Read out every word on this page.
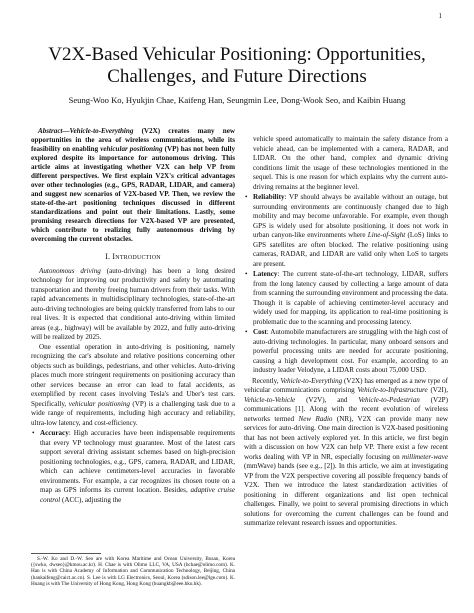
1
V2X-Based Vehicular Positioning: Opportunities, Challenges, and Future Directions
Seung-Woo Ko, Hyukjin Chae, Kaifeng Han, Seungmin Lee, Dong-Wook Seo, and Kaibin Huang

Abstract—Vehicle-to-Everything (V2X) creates many new opportunities in the area of wireless communications, while its feasibility on enabling vehicular positioning (VP) has not been fully explored despite its importance for autonomous driving. This article aims at investigating whether V2X can help VP from different perspectives. We first explain V2X's critical advantages over other technologies (e.g., GPS, RADAR, LIDAR, and camera) and suggest new scenarios of V2X-based VP. Then, we review the state-of-the-art positioning techniques discussed in different standardizations and point out their limitations. Lastly, some promising research directions for V2X-based VP are presented, which contribute to realizing fully autonomous driving by overcoming the current obstacles.

I. Introduction

Autonomous driving (auto-driving) has been a long desired technology for improving our productivity and safety by automating transportation and thereby freeing human drivers from their tasks. With rapid advancements in multidisciplinary technologies, state-of-the-art auto-driving technologies are being quickly transferred from labs to our real lives. It is expected that conditional auto-driving within limited areas (e.g., highway) will be available by 2022, and fully auto-driving will be realized by 2025.

One essential operation in auto-driving is positioning, namely recognizing the car's absolute and relative positions concerning other objects such as buildings, pedestrians, and other vehicles. Auto-driving places much more stringent requirements on positioning accuracy than other services because an error can lead to fatal accidents, as exemplified by recent cases involving Tesla's and Uber's test cars. Specifically, vehicular positioning (VP) is a challenging task due to a wide range of requirements, including high accuracy and reliability, ultra-low latency, and cost-efficiency.

• Accuracy: High accuracies have been indispensable requirements that every VP technology must guarantee. Most of the latest cars support several driving assistant schemes based on high-precision positioning technologies, e.g., GPS, camera, RADAR, and LIDAR, which can achieve centimeters-level accuracies in favorable environments. For example, a car recognizes its chosen route on a map as GPS informs its current location. Besides, adaptive cruise control (ACC), adjusting the
S.-W. Ko and D.-W. Seo are with Korea Maritime and Ocean University, Busan, Korea ({swko, dwseo}@kmou.ac.kr). H. Chae is with Olimo LLC, VA, USA (hchae@olimo.com). K. Han is with China Academy of Information and Communication Technology, Beijing, China (hankaifeng@caict.ac.cn). S. Lee is with LG Electronics, Seoul, Korea (sdison.lee@lge.com). K. Huang is with The University of Hong Kong, Hong Kong (huangkb@eee.hku.hk).

vehicle speed automatically to maintain the safety distance from a vehicle ahead, can be implemented with a camera, RADAR, and LIDAR. On the other hand, complex and dynamic driving conditions limit the usage of these technologies mentioned in the sequel. This is one reason for which explains why the current auto-driving remains at the beginner level.

• Reliability: VP should always be available without an outage, but surrounding environments are continuously changed due to high mobility and may become unfavorable. For example, even though GPS is widely used for absolute positioning, it does not work in urban canyon-like environments where Line-of-Sight (LoS) links to GPS satellites are often blocked. The relative positioning using cameras, RADAR, and LIDAR are valid only when LoS to targets are present.
• Latency: The current state-of-the-art technology, LIDAR, suffers from the long latency caused by collecting a large amount of data from scanning the surrounding environment and processing the data. Though it is capable of achieving centimeter-level accuracy and widely used for mapping, its application to real-time positioning is problematic due to the scanning and processing latency.
• Cost: Automobile manufacturers are struggling with the high cost of auto-driving technologies. In particular, many onboard sensors and powerful processing units are needed for accurate positioning, causing a high development cost. For example, according to an industry leader Velodyne, a LIDAR costs about 75,000 USD.

Recently, Vehicle-to-Everything (V2X) has emerged as a new type of vehicular communications comprising Vehicle-to-Infrastructure (V2I), Vehicle-to-Vehicle (V2V), and Vehicle-to-Pedestrian (V2P) communications [1]. Along with the recent evolution of wireless networks termed New Radio (NR), V2X can provide many new services for auto-driving. One main direction is V2X-based positioning that has not been actively explored yet. In this article, we first begin with a discussion on how V2X can help VP. There exist a few recent works dealing with VP in NR, especially focusing on millimeter-wave (mmWave) bands (see e.g., [2]). In this article, we aim at investigating VP from the V2X perspective covering all possible frequency bands of V2X. Then we introduce the latest standardization activities of positioning in different organizations and list open technical challenges. Finally, we point to several promising directions in which solutions for overcoming the current challenges can be found and summarize relevant research issues and opportunities.
